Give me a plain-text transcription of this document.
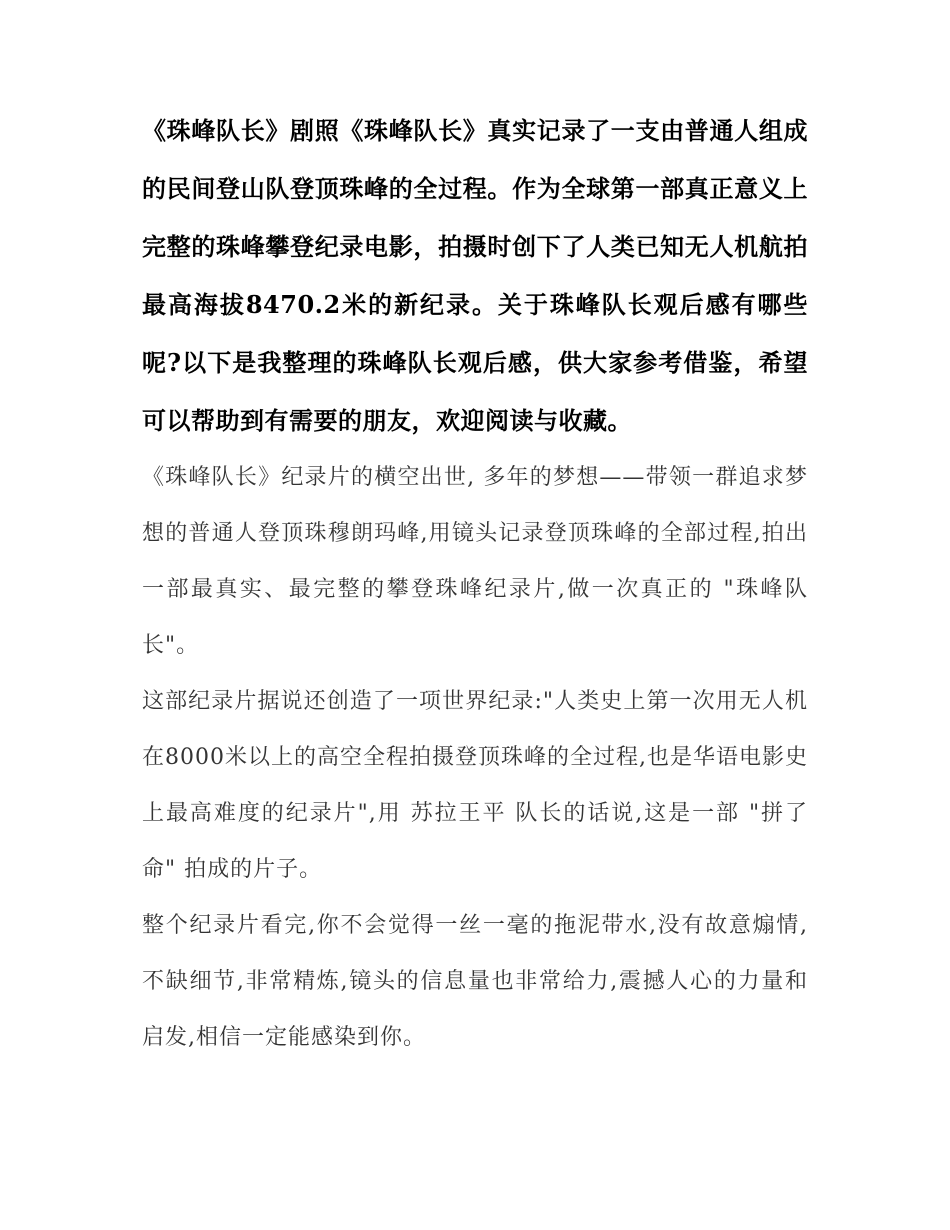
《珠峰队长》剧照《珠峰队长》真实记录了一支由普通人组成的民间登山队登顶珠峰的全过程。作为全球第一部真正意义上完整的珠峰攀登纪录电影，拍摄时创下了人类已知无人机航拍最高海拔8470.2米的新纪录。关于珠峰队长观后感有哪些呢?以下是我整理的珠峰队长观后感，供大家参考借鉴，希望可以帮助到有需要的朋友，欢迎阅读与收藏。

《珠峰队长》纪录片的横空出世, 多年的梦想——带领一群追求梦想的普通人登顶珠穆朗玛峰,用镜头记录登顶珠峰的全部过程,拍出一部最真实、最完整的攀登珠峰纪录片,做一次真正的 "珠峰队长"。

这部纪录片据说还创造了一项世界纪录:"人类史上第一次用无人机在8000米以上的高空全程拍摄登顶珠峰的全过程,也是华语电影史上最高难度的纪录片",用 苏拉王平 队长的话说,这是一部 "拼了命" 拍成的片子。

整个纪录片看完,你不会觉得一丝一毫的拖泥带水,没有故意煽情,不缺细节,非常精炼,镜头的信息量也非常给力,震撼人心的力量和启发,相信一定能感染到你。
